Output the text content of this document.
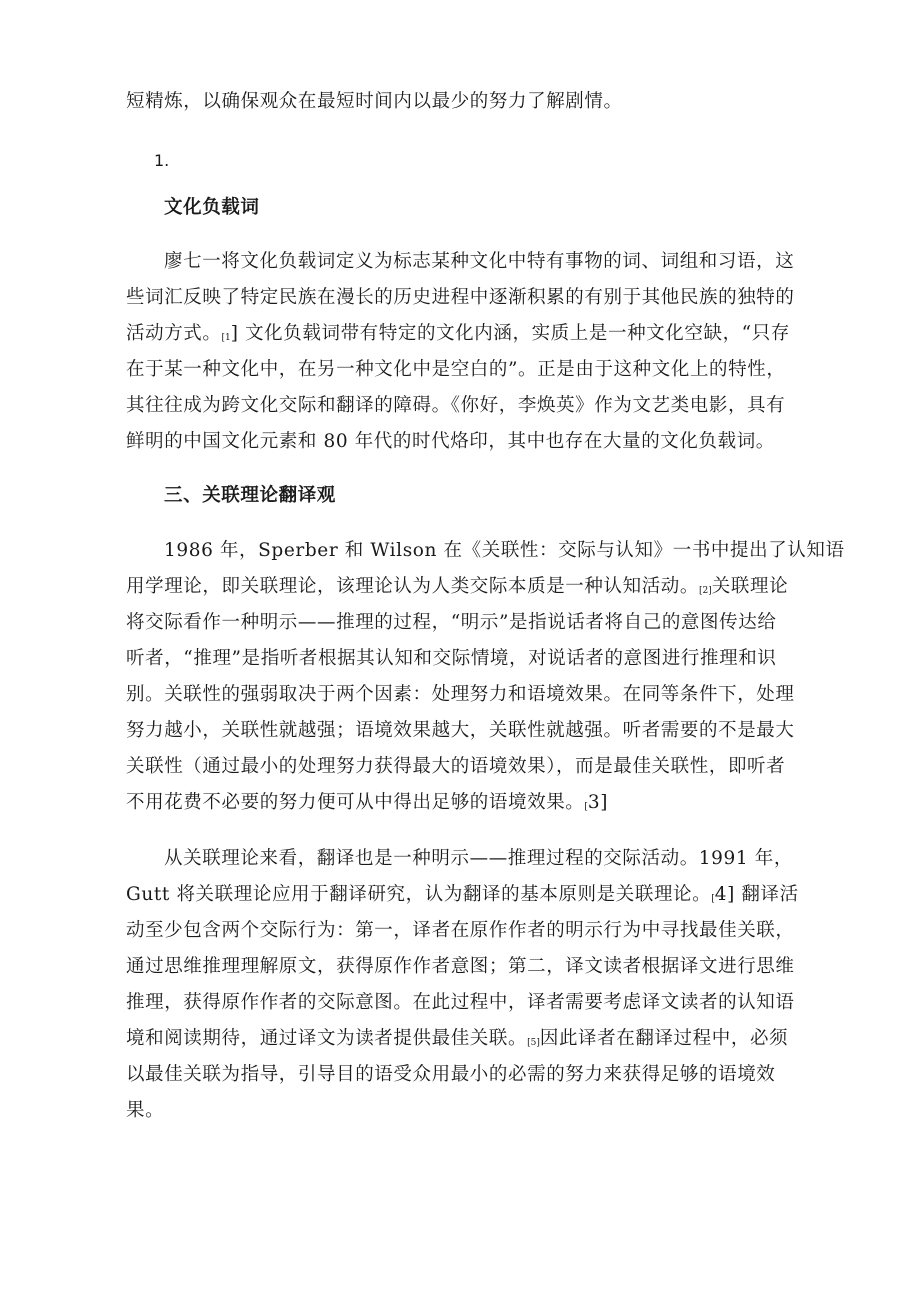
短精炼，以确保观众在最短时间内以最少的努力了解剧情。
1.
文化负载词
廖七一将文化负载词定义为标志某种文化中特有事物的词、词组和习语，这
些词汇反映了特定民族在漫长的历史进程中逐渐积累的有别于其他民族的独特的
活动方式。[1] 文化负载词带有特定的文化内涵，实质上是一种文化空缺，“只存
在于某一种文化中，在另一种文化中是空白的”。正是由于这种文化上的特性，
其往往成为跨文化交际和翻译的障碍。《你好，李焕英》作为文艺类电影，具有
鲜明的中国文化元素和 80 年代的时代烙印，其中也存在大量的文化负载词。
三、关联理论翻译观
1986 年，Sperber 和 Wilson 在《关联性：交际与认知》一书中提出了认知语
用学理论，即关联理论，该理论认为人类交际本质是一种认知活动。[2]关联理论
将交际看作一种明示——推理的过程，“明示”是指说话者将自己的意图传达给
听者，“推理”是指听者根据其认知和交际情境，对说话者的意图进行推理和识
别。关联性的强弱取决于两个因素：处理努力和语境效果。在同等条件下，处理
努力越小，关联性就越强；语境效果越大，关联性就越强。听者需要的不是最大
关联性（通过最小的处理努力获得最大的语境效果），而是最佳关联性，即听者
不用花费不必要的努力便可从中得出足够的语境效果。[3]
从关联理论来看，翻译也是一种明示——推理过程的交际活动。1991 年，
Gutt 将关联理论应用于翻译研究，认为翻译的基本原则是关联理论。[4] 翻译活
动至少包含两个交际行为：第一，译者在原作作者的明示行为中寻找最佳关联，
通过思维推理理解原文，获得原作作者意图；第二，译文读者根据译文进行思维
推理，获得原作作者的交际意图。在此过程中，译者需要考虑译文读者的认知语
境和阅读期待，通过译文为读者提供最佳关联。[5]因此译者在翻译过程中，必须
以最佳关联为指导，引导目的语受众用最小的必需的努力来获得足够的语境效
果。
